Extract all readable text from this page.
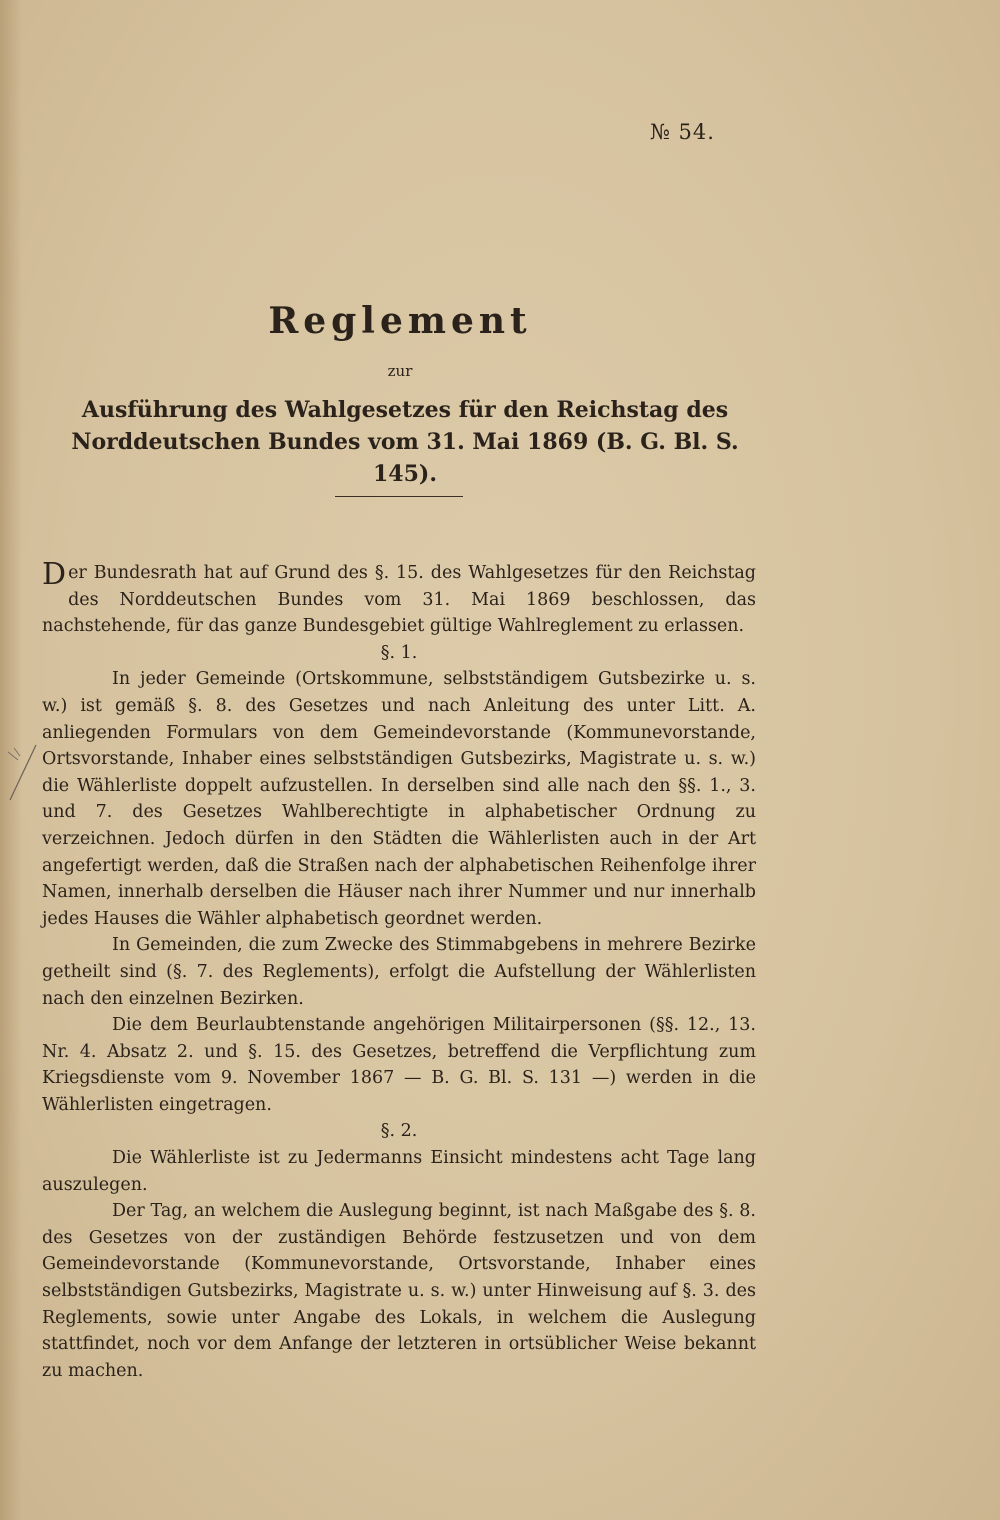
№ 54.
Reglement
zur
Ausführung des Wahlgesetzes für den Reichstag des Norddeutschen Bundes vom 31. Mai 1869 (B. G. Bl. S. 145).

Der Bundesrath hat auf Grund des §. 15. des Wahlgesetzes für den Reichstag des Norddeutschen Bundes vom 31. Mai 1869 beschlossen, das nachstehende, für das ganze Bundesgebiet gültige Wahlreglement zu erlassen.

§. 1.

In jeder Gemeinde (Ortskommune, selbstständigem Gutsbezirke u. s. w.) ist gemäß §. 8. des Gesetzes und nach Anleitung des unter Litt. A. anliegenden Formulars von dem Gemeindevorstande (Kommunevorstande, Ortsvorstande, Inhaber eines selbstständigen Gutsbezirks, Magistrate u. s. w.) die Wählerliste doppelt aufzustellen. In derselben sind alle nach den §§. 1., 3. und 7. des Gesetzes Wahlberechtigte in alphabetischer Ordnung zu verzeichnen. Jedoch dürfen in den Städten die Wählerlisten auch in der Art angefertigt werden, daß die Straßen nach der alphabetischen Reihenfolge ihrer Namen, innerhalb derselben die Häuser nach ihrer Nummer und nur innerhalb jedes Hauses die Wähler alphabetisch geordnet werden.

In Gemeinden, die zum Zwecke des Stimmabgebens in mehrere Bezirke getheilt sind (§. 7. des Reglements), erfolgt die Aufstellung der Wählerlisten nach den einzelnen Bezirken.

Die dem Beurlaubtenstande angehörigen Militairpersonen (§§. 12., 13. Nr. 4. Absatz 2. und §. 15. des Gesetzes, betreffend die Verpflichtung zum Kriegsdienste vom 9. November 1867 — B. G. Bl. S. 131 —) werden in die Wählerlisten eingetragen.

§. 2.

Die Wählerliste ist zu Jedermanns Einsicht mindestens acht Tage lang auszulegen.

Der Tag, an welchem die Auslegung beginnt, ist nach Maßgabe des §. 8. des Gesetzes von der zuständigen Behörde festzusetzen und von dem Gemeindevorstande (Kommunevorstande, Ortsvorstande, Inhaber eines selbstständigen Gutsbezirks, Magistrate u. s. w.) unter Hinweisung auf §. 3. des Reglements, sowie unter Angabe des Lokals, in welchem die Auslegung stattfindet, noch vor dem Anfange der letzteren in ortsüblicher Weise bekannt zu machen.
